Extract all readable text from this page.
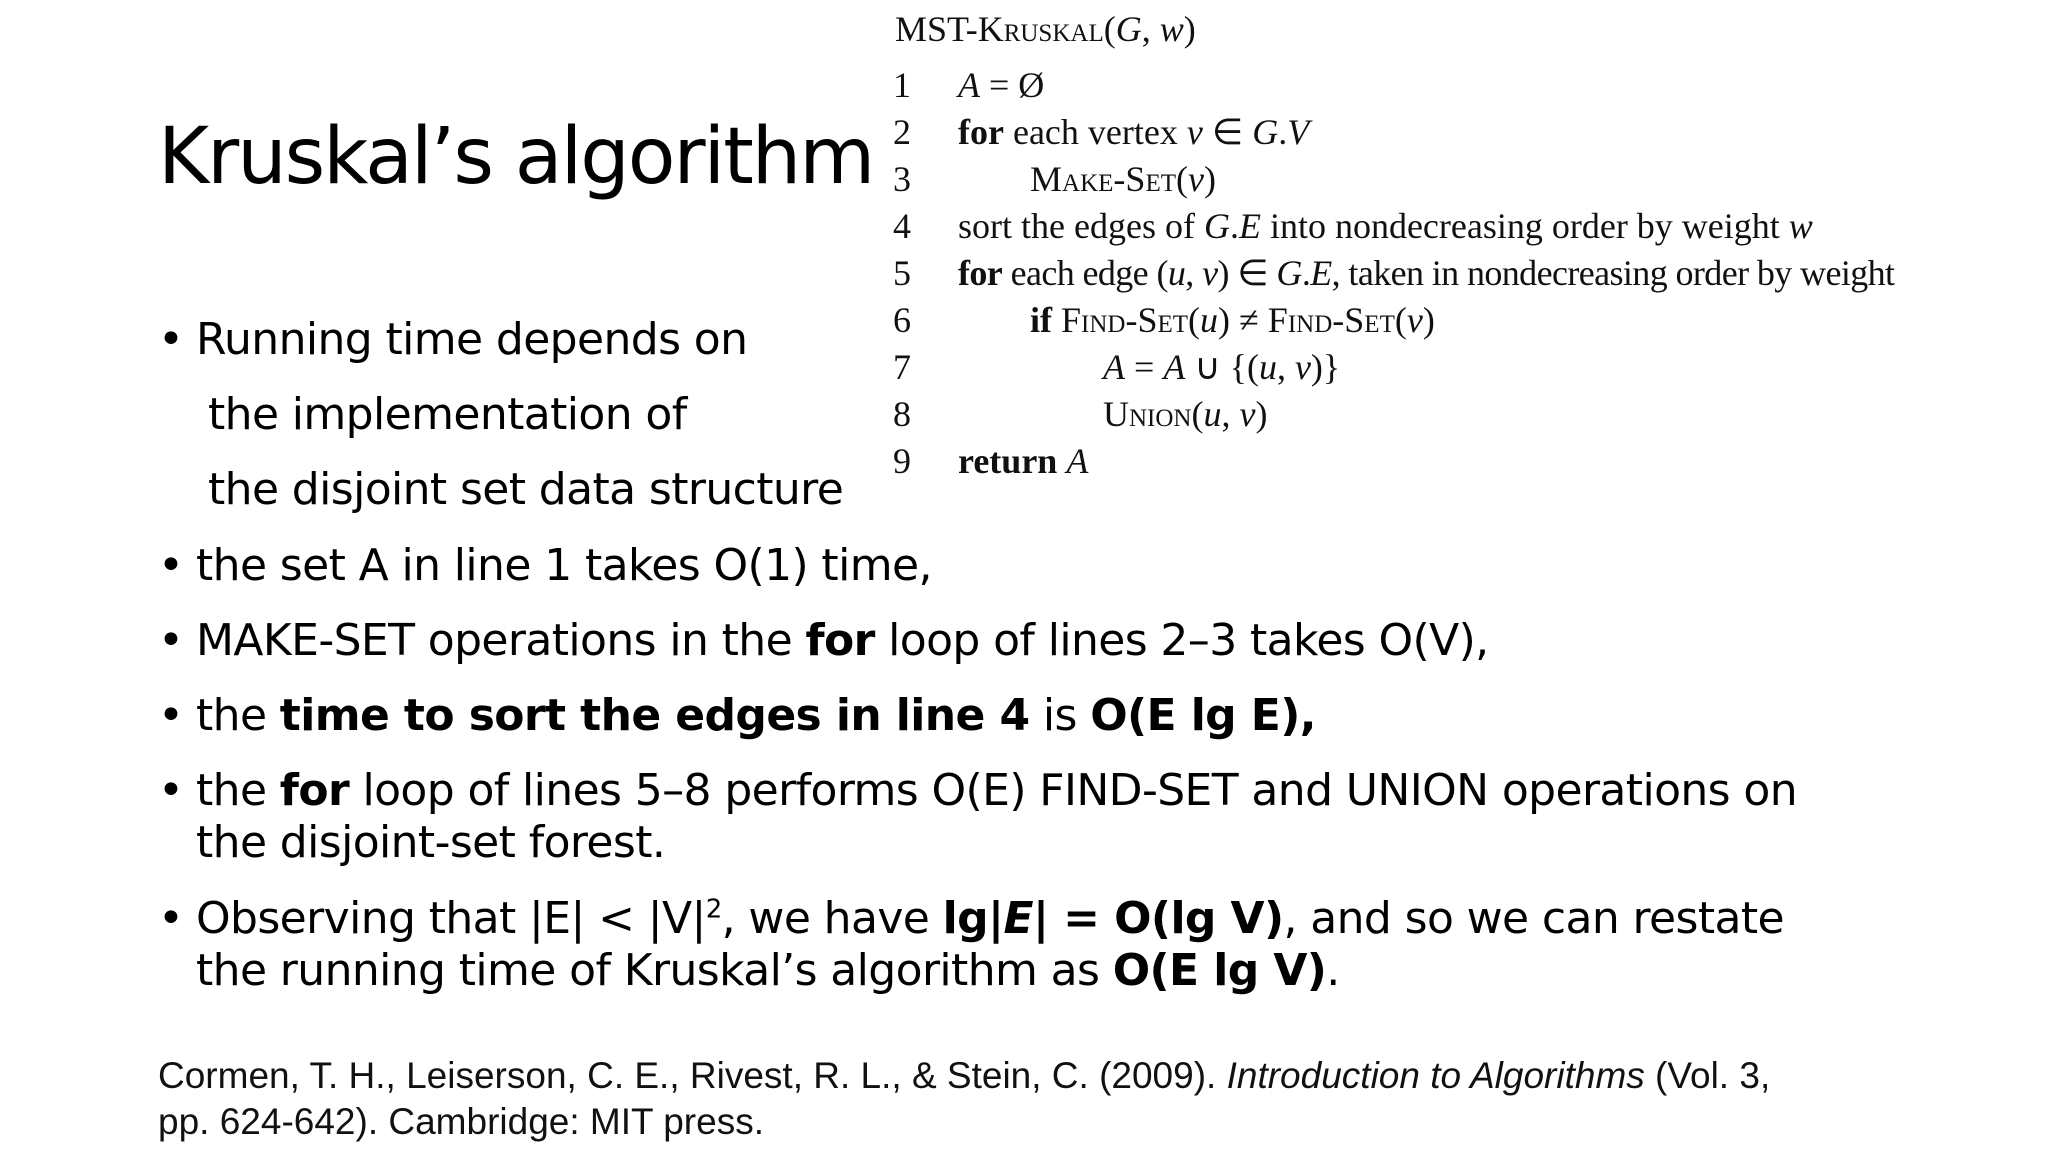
Kruskal’s algorithm
MST-Kruskal(G, w)
1 A = Ø
2 for each vertex v ∈ G.V
3	Make-Set(v)
4 sort the edges of G.E into nondecreasing order by weight w
5 for each edge (u, v) ∈ G.E, taken in nondecreasing order by weight
6	if Find-Set(u) ≠ Find-Set(v)
7	A = A ∪ {(u, v)}
8	Union(u, v)
9 return A
• Running time depends on
the implementation of
the disjoint set data structure
• the set A in line 1 takes O(1) time,
• MAKE-SET operations in the for loop of lines 2–3 takes O(V),
• the time to sort the edges in line 4 is O(E lg E),
• the for loop of lines 5–8 performs O(E) FIND-SET and UNION operations on
the disjoint-set forest.
• Observing that $|E| < |V|^2$, we have lg|E| = O(lg V), and so we can restate
the running time of Kruskal’s algorithm as O(E lg V).
Cormen, T. H., Leiserson, C. E., Rivest, R. L., & Stein, C. (2009). Introduction to Algorithms (Vol. 3,
pp. 624-642). Cambridge: MIT press.
